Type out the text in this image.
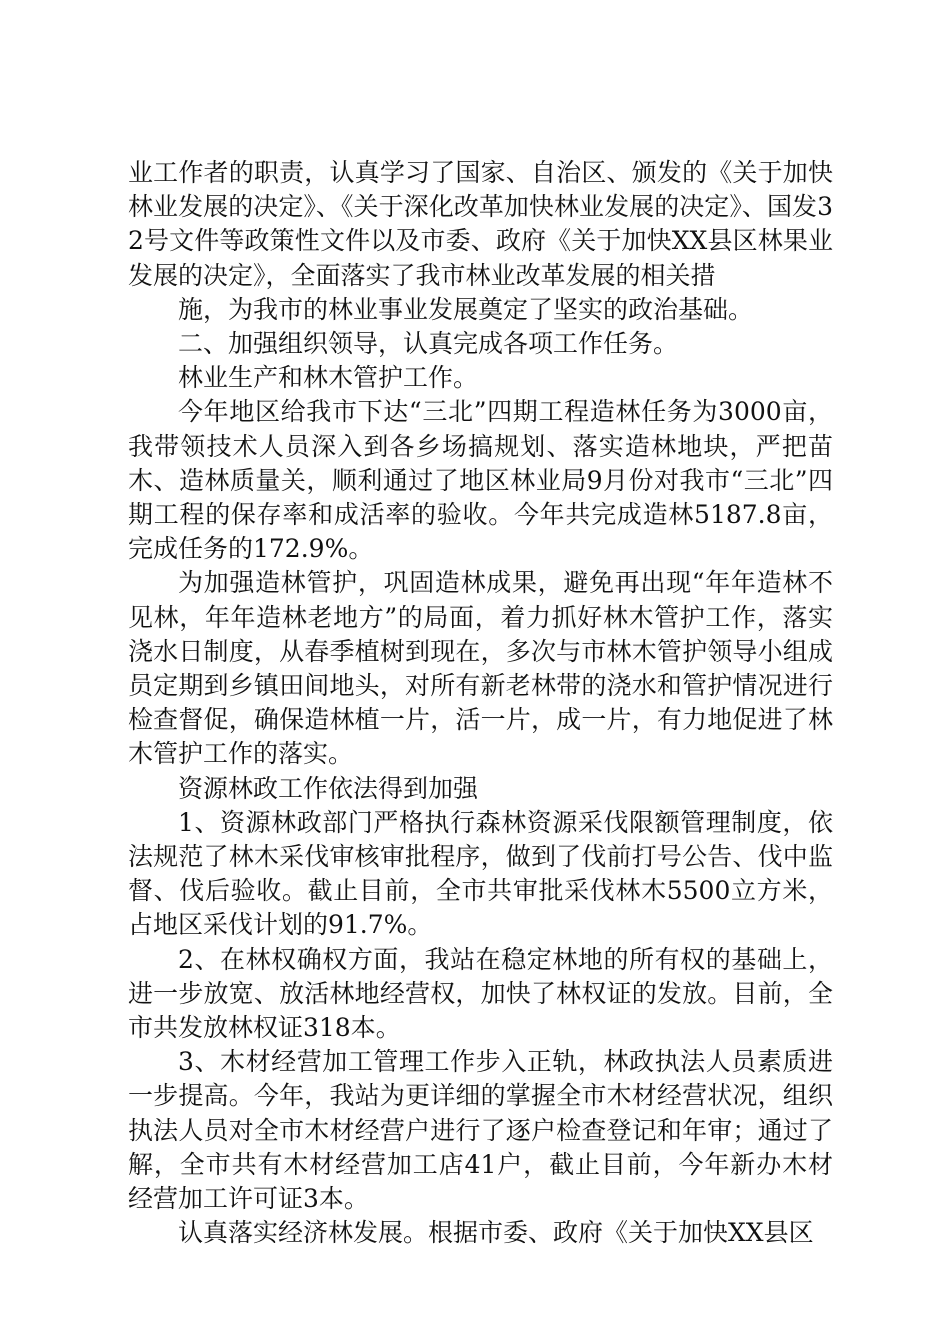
业工作者的职责，认真学习了国家、自治区、颁发的《关于加快林业发展的决定》、《关于深化改革加快林业发展的决定》、国发32号文件等政策性文件以及市委、政府《关于加快XX县区林果业发展的决定》，全面落实了我市林业改革发展的相关措

施，为我市的林业事业发展奠定了坚实的政治基础。

二、加强组织领导，认真完成各项工作任务。

林业生产和林木管护工作。

今年地区给我市下达“三北”四期工程造林任务为3000亩，我带领技术人员深入到各乡场搞规划、落实造林地块，严把苗木、造林质量关，顺利通过了地区林业局9月份对我市“三北”四期工程的保存率和成活率的验收。今年共完成造林5187.8亩，完成任务的172.9%。

为加强造林管护，巩固造林成果，避免再出现“年年造林不见林，年年造林老地方”的局面，着力抓好林木管护工作，落实浇水日制度，从春季植树到现在，多次与市林木管护领导小组成员定期到乡镇田间地头，对所有新老林带的浇水和管护情况进行检查督促，确保造林植一片，活一片，成一片，有力地促进了林木管护工作的落实。

资源林政工作依法得到加强

1、资源林政部门严格执行森林资源采伐限额管理制度，依法规范了林木采伐审核审批程序，做到了伐前打号公告、伐中监督、伐后验收。截止目前，全市共审批采伐林木5500立方米，占地区采伐计划的91.7%。

2、在林权确权方面，我站在稳定林地的所有权的基础上，进一步放宽、放活林地经营权，加快了林权证的发放。目前，全市共发放林权证318本。

3、木材经营加工管理工作步入正轨，林政执法人员素质进一步提高。今年，我站为更详细的掌握全市木材经营状况，组织执法人员对全市木材经营户进行了逐户检查登记和年审；通过了解，全市共有木材经营加工店41户，截止目前，今年新办木材经营加工许可证3本。

认真落实经济林发展。根据市委、政府《关于加快XX县区
